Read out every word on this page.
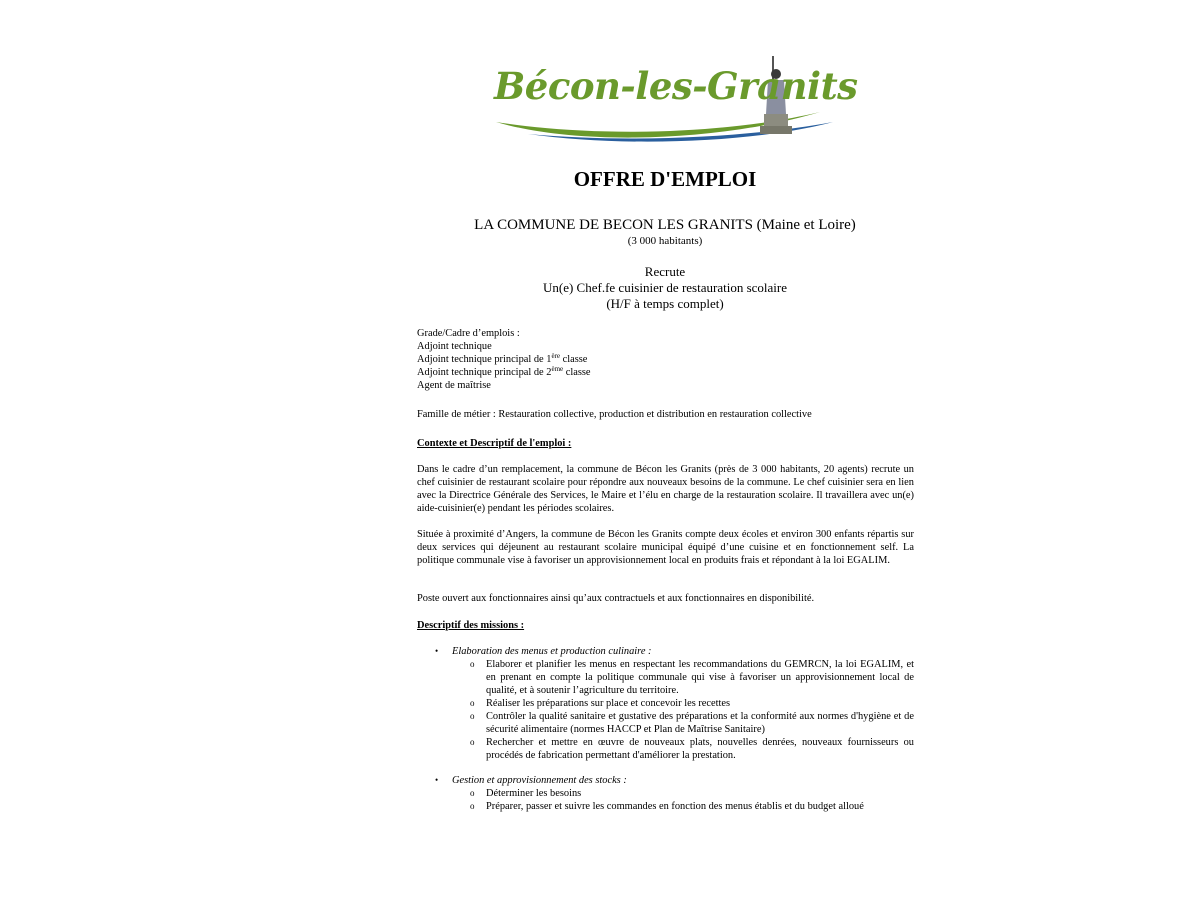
Bécon-les-Granits
OFFRE D'EMPLOI
LA COMMUNE DE BECON LES GRANITS (Maine et Loire)
(3 000 habitants)
Recrute
Un(e) Chef.fe cuisinier de restauration scolaire
(H/F à temps complet)
Grade/Cadre d’emplois :
Adjoint technique
Adjoint technique principal de 1ère classe
Adjoint technique principal de 2ème classe
Agent de maîtrise
Famille de métier : Restauration collective, production et distribution en restauration collective
Contexte et Descriptif de l'emploi :

Dans le cadre d’un remplacement, la commune de Bécon les Granits (près de 3 000 habitants, 20 agents) recrute un chef cuisinier de restaurant scolaire pour répondre aux nouveaux besoins de la commune. Le chef cuisinier sera en lien avec la Directrice Générale des Services, le Maire et l’élu en charge de la restauration scolaire. Il travaillera avec un(e) aide-cuisinier(e) pendant les périodes scolaires.

Située à proximité d’Angers, la commune de Bécon les Granits compte deux écoles et environ 300 enfants répartis sur deux services qui déjeunent au restaurant scolaire municipal équipé d’une cuisine et en fonctionnement self. La politique communale vise à favoriser un approvisionnement local en produits frais et répondant à la loi EGALIM.

Poste ouvert aux fonctionnaires ainsi qu’aux contractuels et aux fonctionnaires en disponibilité.
Descriptif des missions :
• Elaboration des menus et production culinaire :
o Elaborer et planifier les menus en respectant les recommandations du GEMRCN, la loi EGALIM, et en prenant en compte la politique communale qui vise à favoriser un approvisionnement local de qualité, et à soutenir l’agriculture du territoire.
o Réaliser les préparations sur place et concevoir les recettes
o Contrôler la qualité sanitaire et gustative des préparations et la conformité aux normes d'hygiène et de sécurité alimentaire (normes HACCP et Plan de Maîtrise Sanitaire)
o Rechercher et mettre en œuvre de nouveaux plats, nouvelles denrées, nouveaux fournisseurs ou procédés de fabrication permettant d'améliorer la prestation.
• Gestion et approvisionnement des stocks :
o Déterminer les besoins
o Préparer, passer et suivre les commandes en fonction des menus établis et du budget alloué
